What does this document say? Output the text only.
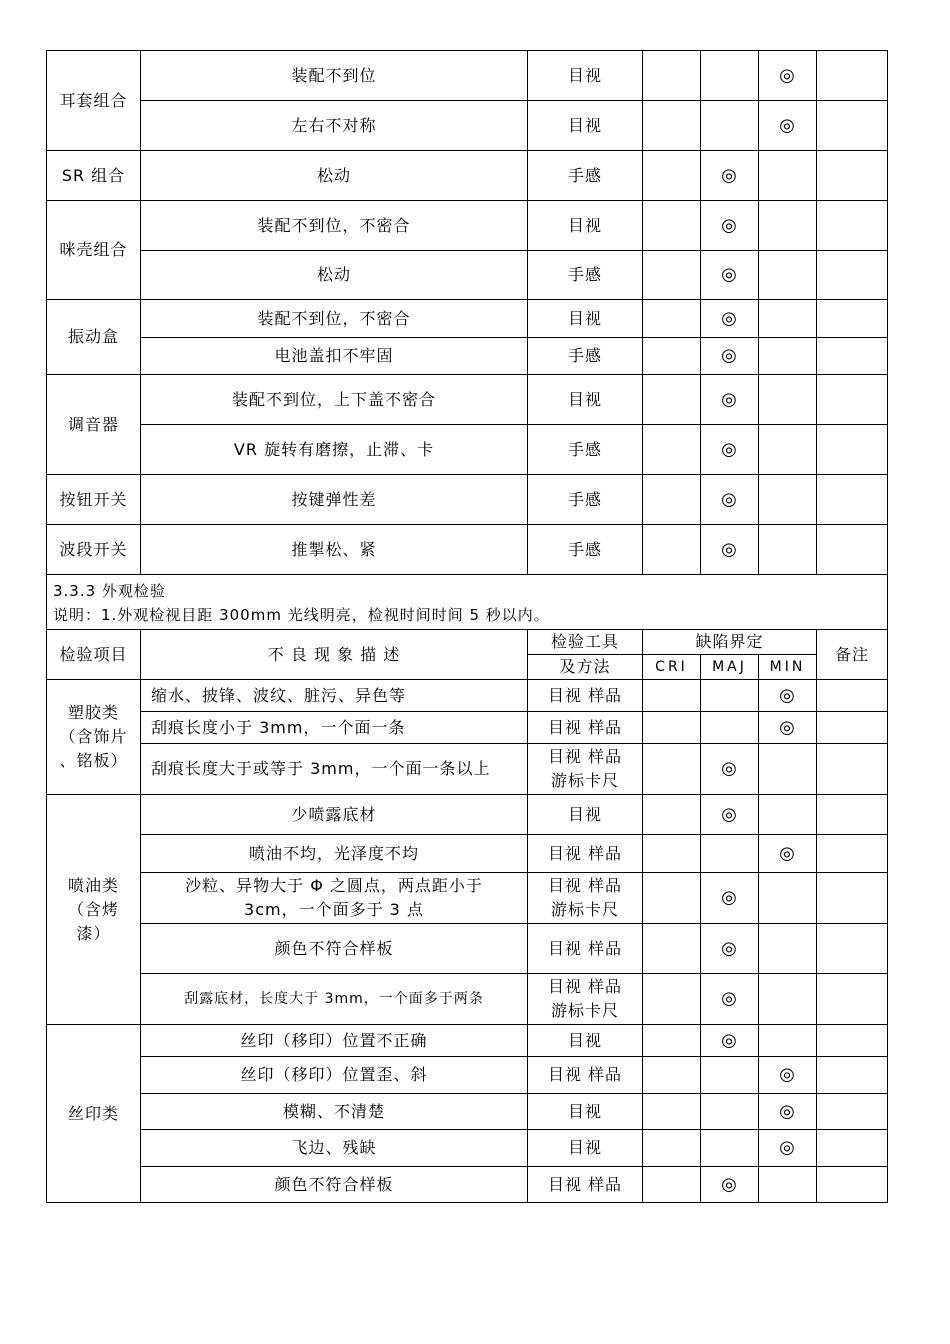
耳套组合	装配不到位	目视			◎	
	左右不对称	目视			◎	
SR 组合	松动	手感		◎		
咪壳组合	装配不到位，不密合	目视		◎		
	松动	手感		◎		
振动盒	装配不到位，不密合	目视		◎		
	电池盖扣不牢固	手感		◎		
调音器	装配不到位，上下盖不密合	目视		◎		
	VR 旋转有磨擦，止滞、卡	手感		◎		
按钮开关	按键弹性差	手感		◎		
波段开关	推掣松、紧	手感		◎		

3.3.3 外观检验
说明：1.外观检视目距 300mm 光线明亮，检视时间时间 5 秒以内。						

检验项目	不 良 现 象 描 述	检验工具	缺陷界定			备注
		及方法	CRI	MAJ	MIN	
塑胶类
（含饰片
、铭板）	缩水、披锋、波纹、脏污、异色等	目视 样品			◎	
	刮痕长度小于 3mm，一个面一条	目视 样品			◎	
	刮痕长度大于或等于 3mm，一个面一条以上	目视 样品
游标卡尺		◎		
喷油类
（含烤
漆）	少喷露底材	目视		◎		
	喷油不均，光泽度不均	目视 样品			◎	
	沙粒、异物大于 Φ 之圆点，两点距小于
3cm，一个面多于 3 点	目视 样品
游标卡尺		◎		
	颜色不符合样板	目视 样品		◎		
	刮露底材，长度大于 3mm，一个面多于两条	目视 样品
游标卡尺		◎		
丝印类	丝印（移印）位置不正确	目视		◎		
	丝印（移印）位置歪、斜	目视 样品			◎	
	模糊、不清楚	目视			◎	
	飞边、残缺	目视			◎	
	颜色不符合样板	目视 样品		◎		
